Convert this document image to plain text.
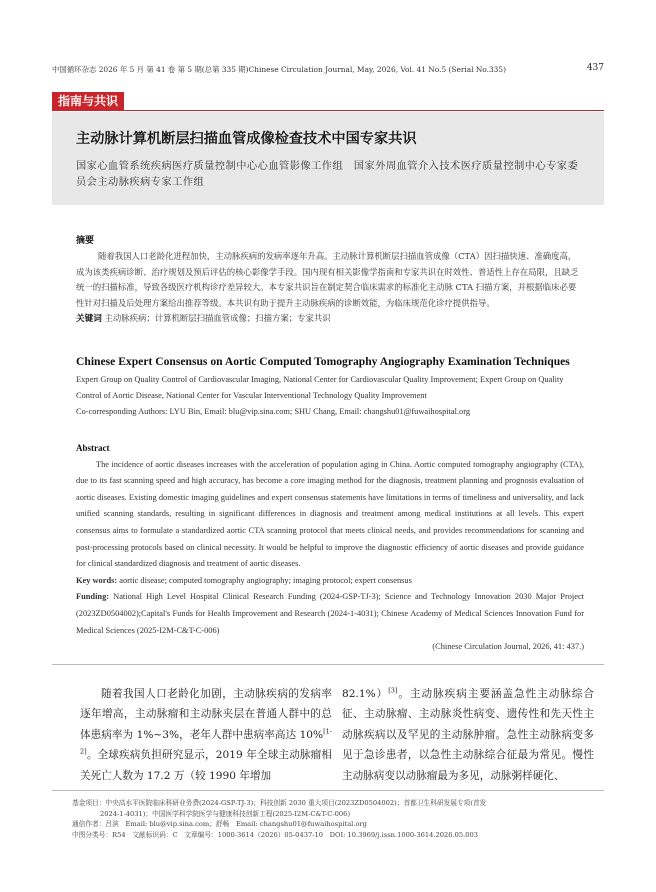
中国循环杂志 2026 年 5 月 第 41 卷 第 5 期(总第 335 期)Chinese Circulation Journal, May, 2026, Vol. 41 No.5 (Serial No.335)	437
指南与共识
主动脉计算机断层扫描血管成像检查技术中国专家共识
国家心血管系统疾病医疗质量控制中心心血管影像工作组　国家外周血管介入技术医疗质量控制中心专家委员会主动脉疾病专家工作组
摘要

随着我国人口老龄化进程加快，主动脉疾病的发病率逐年升高。主动脉计算机断层扫描血管成像（CTA）因扫描快速、准确度高，成为该类疾病诊断、治疗规划及预后评估的核心影像学手段。国内现有相关影像学指南和专家共识在时效性、普适性上存在局限，且缺乏统一的扫描标准，导致各级医疗机构诊疗差异较大。本专家共识旨在制定契合临床需求的标准化主动脉 CTA 扫描方案，并根据临床必要性针对扫描及后处理方案给出推荐等级。本共识有助于提升主动脉疾病的诊断效能，为临床规范化诊疗提供指导。

关键词 主动脉疾病；计算机断层扫描血管成像；扫描方案；专家共识

Chinese Expert Consensus on Aortic Computed Tomography Angiography Examination Techniques

Expert Group on Quality Control of Cardiovascular Imaging, National Center for Cardiovascular Quality Improvement; Expert Group on Quality Control of Aortic Disease, National Center for Vascular Interventional Technology Quality Improvement

Co-corresponding Authors: LYU Bin, Email: blu@vip.sina.com; SHU Chang, Email: changshu01@fuwaihospital.org

Abstract

The incidence of aortic diseases increases with the acceleration of population aging in China. Aortic computed tomography angiography (CTA), due to its fast scanning speed and high accuracy, has become a core imaging method for the diagnosis, treatment planning and prognosis evaluation of aortic diseases. Existing domestic imaging guidelines and expert consensus statements have limitations in terms of timeliness and universality, and lack unified scanning standards, resulting in significant differences in diagnosis and treatment among medical institutions at all levels. This expert consensus aims to formulate a standardized aortic CTA scanning protocol that meets clinical needs, and provides recommendations for scanning and post-processing protocols based on clinical necessity. It would be helpful to improve the diagnostic efficiency of aortic diseases and provide guidance for clinical standardized diagnosis and treatment of aortic diseases.

Key words: aortic disease; computed tomography angiography; imaging protocol; expert consensus

Funding: National High Level Hospital Clinical Research Funding (2024-GSP-TJ-3); Science and Technology Innovation 2030 Major Project (2023ZD0504002);Capital's Funds for Health Improvement and Research (2024-1-4031); Chinese Academy of Medical Sciences Innovation Fund for Medical Sciences (2025-I2M-C&T-C-006)

(Chinese Circulation Journal, 2026, 41: 437.)

随着我国人口老龄化加剧，主动脉疾病的发病率逐年增高，主动脉瘤和主动脉夹层在普通人群中的总体患病率为 1%~3%，老年人群中患病率高达 10%[1-2]。全球疾病负担研究显示，2019 年全球主动脉瘤相关死亡人数为 17.2 万（较 1990 年增加

82.1%）[3]。主动脉疾病主要涵盖急性主动脉综合征、主动脉瘤、主动脉炎性病变、遗传性和先天性主动脉疾病以及罕见的主动脉肿瘤。急性主动脉病变多见于急诊患者，以急性主动脉综合征最为常见。慢性主动脉病变以动脉瘤最为多见，动脉粥样硬化、

基金项目：中央高水平医院临床科研业务费(2024-GSP-TJ-3)；科技创新 2030 重大项目(2023ZD0504002)；首都卫生科研发展专项(首发

2024-1-4031)；中国医学科学院医学与健康科技创新工程(2025-I2M-C&T-C-006)

通信作者：吕滨　Email: blu@vip.sina.com；舒畅　Email: changshu01@fuwaihospital.org

中图分类号：R54　文献标识码：C　文章编号：1000-3614（2026）05-0437-10　DOI: 10.3969/j.issn.1000-3614.2026.05.003
